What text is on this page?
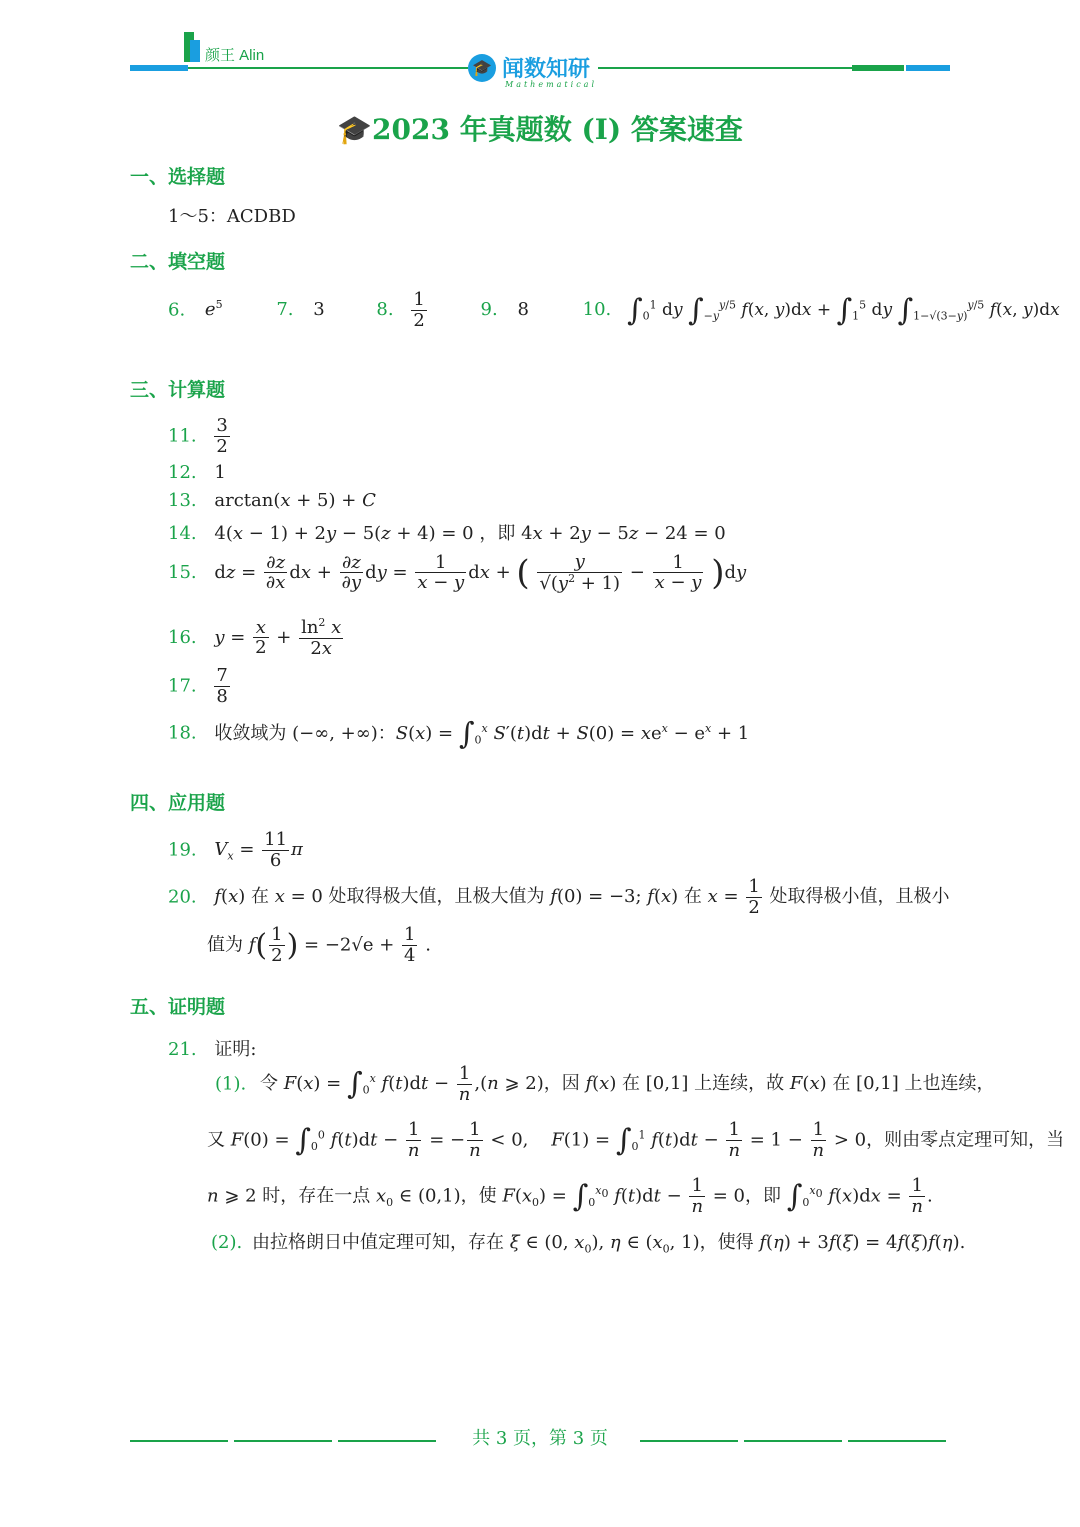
颜王 Alin
🎓 闻数知研
Mathematical
🎓2023 年真题数 (I) 答案速查
一、选择题
1～5：ACDBD
二、填空题
6. $e^5$	7. 3	8. $\frac{1}{2}$	9. 8	10. $\int_0^1$ dy $\int_{-y}^{y/5}$ f(x, $y)dx + \int_1^5$ dy $\int_{1-√(3-y)}^{y/5}$ f(x, y)dx
三、计算题
11. $\frac{3}{2}$
12. 1
13. arctan(x + 5) + C
14. 4(x − 1) + 2y − 5(z + 4) = 0 ，即 4x + 2y − 5z − 24 = 0
15. dz = $\frac{\partial z}{\partial x}$ dx + $\frac{\partial z}{\partial y}$ dy = $\frac{1}{x - y}$ dx + ( $\frac{y}{√(y^2 + 1)} - \frac{1}{x - y} )dy$
16. $y = \frac{x}{2} + \frac{\ln^2 x}{2x}$
17. $\frac{7}{8}$
18. 收敛域为 (−∞, +∞)：$S(x) = \int_0^x$ $S'(t)dt + S(0) = xe^x - e^x + 1$
四、应用题
19. $V_x = \frac{11}{6}$ π
20. f(x) 在 x = 0 处取得极大值，且极大值为 f(0) = −3; f(x) 在 $x = \frac{1}{2}$ 处取得极小值，且极小
值为 $f( \frac{1}{2}$ ) = $-2√e + \frac{1}{4}$ .
五、证明题
21. 证明:
(1). 令 $F(x) = \int_0^x$ $f(t)dt - \frac{1}{n} ,(n$ ⩾ 2)，因 f(x) 在 [0,1] 上连续，故 F(x) 在 [0,1] 上也连续，
又 $F(0) = \int_0^0$ $f(t)dt - \frac{1}{n}$ = − $\frac{1}{n} < 0$,    $F(1) = \int_0^1$ $f(t)dt - \frac{1}{n} = 1 - \frac{1}{n} > 0$，则由零点定理可知，当
n ⩾ 2 时，存在一点 $x_0$ ∈ (0,1)，使 $F(x_0) = \int_0^{x_0}$ $f(t)dt - \frac{1}{n} = 0$，即 $\int_0^{x_0}$ $f(x)dx = \frac{1}{n}$ .
(2). 由拉格朗日中值定理可知，存在 ξ ∈ (0, $x_0$), η ∈ ($x_0$, 1)，使得 f(η) + 3f(ξ) = 4f(ξ)f(η).
共 3 页，第 3 页
